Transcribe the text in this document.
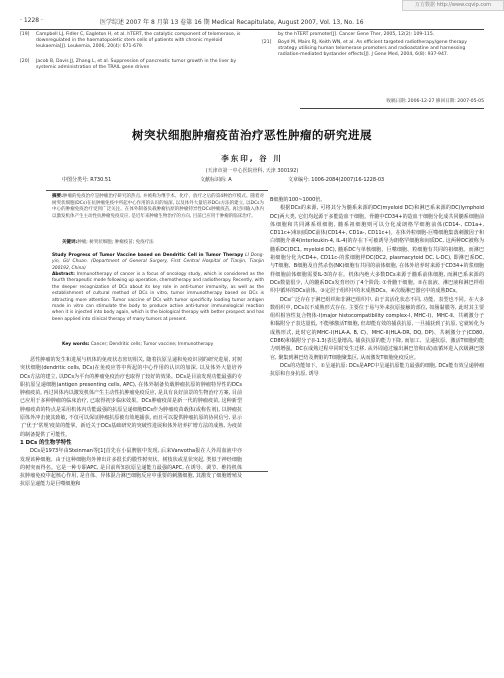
万方数据 http://www.cqvip.com
· 1228 ·	医学综述 2007 年 8 月第 13 卷第 16 期 Medical Recapitulate, August 2007, Vol. 13, No. 16
[19] Campbell LJ, Fidler C, Eagleton H, et al. hTERT, the catalytic component of telomerase, is downregulated in the haematopoietic stem cells of patients with chronic myeloid leukaemia[J]. Leukemia, 2006, 20(4): 671-679.

[20] Jacob B, Davis JJ, Zhang L, et al. Suppression of pancreatic tumor growth in the liver by systemic administration of the TRAIL gene driven

by the hTERT promoter[J]. Cancer Gene Ther, 2005, 12(2): 109-115.

[21] Boyd M, Mairs RJ, Keith WN, et al. An efficient targeted radiotherapy/gene therapy strategy utilising human telomerase promoters and radioastatine and harnessing radiation-mediated bystander effects[J]. J Gene Med, 2004, 6(8): 937-947.

收稿日期: 2006-12-27 修回日期: 2007-05-05
树突状细胞肿瘤疫苗治疗恶性肿瘤的研究进展
李东印, 谷 川
(天津市第一中心医院骨科, 天津 300192)
中图分类号: R730.51	文献标识码: A	文章编号: 1006-2084(2007)16-1228-03
摘要:肿瘤的免疫治疗是肿瘤治疗研究的热点, 并被称为继手术、化疗、放疗之后的第4种治疗模式。随着对树突状细胞(DCs)在抗肿瘤免疫中所起中心作用的认识的加深, 以及体外大量培养DCs方法的建立, 以DCs为中心的肿瘤免疫治疗受到广泛关注。在体外制备负载肿瘤抗原的肿瘤特异性DCs肿瘤疫苗, 再过回输入体内以激发机体产生主动性抗肿瘤免疫反应, 是近年来肿瘤生物治疗的方向, 目前已应用于肿瘤的临床治疗。
关键词:肿瘤; 树突状细胞; 肿瘤疫苗; 免疫疗法
Study Progress of Tumor Vaccine based on Dendritic Cell in Tumor Therapy LI Dong-yin, GU Chuan. (Department of General Surgery, First Central Hospital of Tianjin, Tianjin 300192, China)
Abstract: Immunotherapy of cancer is a focus of oncology study, which is considered as the fourth therapeutic mode following up operation, chemotherapy and radiotherapy. Recently, with the deeper recognization of DCs about its key role in anti-tumor immunity, as well as the establishment of cultural method of DCs in vitro, tumor immunotherapy based on DCs is attracting more attention. Tumor vaccine of DCs with tumor specificity loading tumor antigen made in vitro can stimulate the body to produce active anti-tumor immunological reaction when it is injected into body again, which is the biological therapy with better prospect and has been applied into clinical therapy of many tumors at present.
Key words: Cancer; Dendritic cells; Tumor vaccine; Immunotherapy

恶性肿瘤的发生和进展与机体的免疫状态密切相关, 随着抗原呈递和免疫识别的研究进展, 对树突状细胞(dendritic cells, DCs)在免疫应答中所起的中心作用的认识的加深, 以及体外大量培养DCs方法的建立, 以DCs为平台的肿瘤免疫治疗也取得了较好的效果。DCs是目前发现功能最强的专职抗原呈递细胞(antigen presenting cells, APC), 在体外制备负载肿瘤抗原的肿瘤特异性的DCs肿瘤疫苗, 再过回体内以激发机体产生主动性抗肿瘤免疫反应, 是具有良好前景的生物治疗方案, 目前已应用于多种肿瘤的临床治疗, 已取得初步临床效果。DCs肿瘤疫苗是新一代的肿瘤疫苗, 这种新型肿瘤疫苗的特点是采用机体内功能最强的抗原呈递细胞DCs作为肿瘤疫苗载体(或称佐剂), 以肿瘤抗原体外冲击使其致敏, 不仅可以保证肿瘤抗原被有效地捕获, 而且可以提供肿瘤抗原的协同信号, 显示了'优于'常规'疫苗的能掌。新近关于DCs基础研究的突破性进展和体外培养扩增方法的成熟, 为疫苗的制备提供了可能性。

1 DCs 的生物学特性

DCs是1973年由Steinman等[1]首先在小鼠脾脏中发现, 后来Vanvotha报在人外周血液中亦发现该种细胞。由于这种细胞均外伸出许多很长的膜性树突状、树枝状或星状突起, 类似于神经细胞的树突而得名。它是一种专职APC, 是目前所知抗原呈递能力最强的APC, 在诱导、调节、维持机体抗肿瘤免疫中起核心作用, 是自体、异体混合淋巴细胞反应中重要的刺激细胞, 其激发了细胞增殖及抗原呈递能力是巨噬细胞和

B细胞的100~1000倍。

根据DCs的来源, 可将其分为髓系来源的DC(myeloid DC)和淋巴系来源的DC(lymphoid DC)两大类, 它们均起源于多能造血干细胞。骨髓中CD34+的造血干细胞分化成共同髓系细胞前体细胞和共同淋系组细胞, 髓系祖细胞则可以分化成朗格罕细胞前体(CD14-, CD1a+, CD11c+)和间质DC前体(CD14+, CD1a-, CD11c+)。在体外粒细胞-巨噬细胞集落刺激因子和白细胞介素4(interleukin-4, IL-4)的存在下可被诱导为朗格罕细胞和间质DC, 这两种DC被称为髓系DC(DC1, myeloid DC), 髓系DC与单核细胞、巨噬细胞、粒细胞有共同的祖细胞。而淋巴祖细胞分化为CD4+, CD11c-的浆细胞样DC(DC2, plasmacytoid DC, L-DC), 即淋巴系DC, 与T细胞、B细胞及自然杀伤(NK)细胞有共同的前体细胞, 在体外培养时来源于CD34+的浆细胞样细胞前体细胞需要IL-3的存在。机体内绝大多数DCs来源于髓系前体细胞, 而淋巴系来源的DCs数量很少, 人的髓系DCs发育经历了4个阶段: ①骨髓干细胞。②在血液、淋巴液和淋巴样组织中循环的DCs前体。③定居于组织中的未成熟DCs。④次级淋巴器官中的成熟DCs。

DCs广泛存在于淋巴组织和非淋巴组织中, 由于其活化状态不同, 功能、表型也不同。在大多数组织中, DCs以不成熟形式存在, 主要位于易与外来抗原接触的部位, 如肠黏膜等, 此时其主要组织相容性复合物体-Ⅰ(major histocompatibility complex-Ⅰ, MHC-Ⅰ)、MHC-Ⅱ、共刺激分子和黏附分子表达量低, 不能够激活T细胞, 但却能有效的捕获抗原, 一旦捕获到了抗原, 它就转化为成熟形式, 此时它的MHC-Ⅰ(HLA-A, B, C)、MHC-Ⅱ(HLA-DR, DQ, DP)、共刺激分子(CD80, CD86)和黏附分子(I-1.3)表达量增高, 捕获抗原的能力下降, 而加工、呈递抗原、激活T细胞的能力则增强。DC在成熟过程中同时发生迁移, 从外周通过输出淋巴管和(或)血循环进入次级淋巴器官, 聚集到淋巴结及脾脏的T细胞聚集区, 从而激发T细胞免疫反应。

DCs的功能如下。①呈递抗原: DCs是APC中呈递抗原能力最强的细胞, DCs能有效呈递肿瘤抗原和自身抗原, 诱导
